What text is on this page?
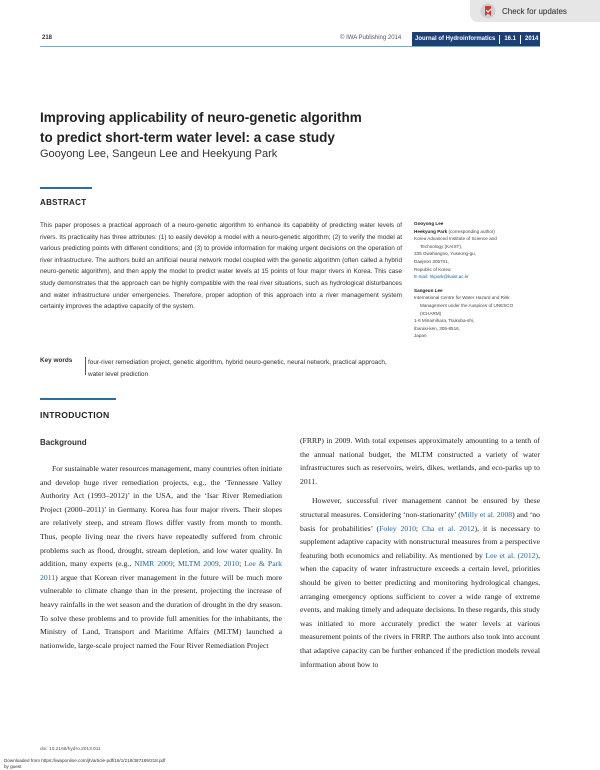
218	© IWA Publishing 2014 Journal of Hydroinformatics 16.1 2014
Check for updates
Improving applicability of neuro-genetic algorithm
to predict short-term water level: a case study
Gooyong Lee, Sangeun Lee and Heekyung Park
ABSTRACT
This paper proposes a practical approach of a neuro-genetic algorithm to enhance its capability of predicting water levels of rivers. Its practicality has three attributes: (1) to easily develop a model with a neuro-genetic algorithm; (2) to verify the model at various predicting points with different conditions; and (3) to provide information for making urgent decisions on the operation of river infrastructure. The authors build an artificial neural network model coupled with the genetic algorithm (often called a hybrid neuro-genetic algorithm), and then apply the model to predict water levels at 15 points of four major rivers in Korea. This case study demonstrates that the approach can be highly compatible with the real river situations, such as hydrological disturbances and water infrastructure under emergencies. Therefore, proper adoption of this approach into a river management system certainly improves the adaptive capacity of the system.
Key words four-river remediation project, genetic algorithm, hybrid neuro-genetic, neural network, practical approach, water level prediction
Gooyong Lee
Heekyung Park (corresponding author)
Korea Advanced Institute of Science and
Technology (KAIST),
335 Gwahangno, Yuseong-gu,
Daejeon 305701,
Republic of Korea
E-mail: hkpark@kaist.ac.kr
Sangeun Lee
International Centre for Water Hazard and Risk
Management under the Auspices of UNESCO
(ICHARM)
1-6 Minamihara, Tsukuba-shi,
Ibaraki-ken, 305-8516,
Japan
INTRODUCTION
Background

For sustainable water resources management, many countries often initiate and develop huge river remediation projects, e.g., the ‘Tennessee Valley Authority Act (1993–2012)’ in the USA, and the ‘Isar River Remediation Project (2000–2011)’ in Germany. Korea has four major rivers. Their slopes are relatively steep, and stream flows differ vastly from month to month. Thus, people living near the rivers have repeatedly suffered from chronic problems such as flood, drought, stream depletion, and low water quality. In addition, many experts (e.g., NIMR 2009; MLTM 2009, 2010; Lee & Park 2011) argue that Korean river management in the future will be much more vulnerable to climate change than in the present, projecting the increase of heavy rainfalls in the wet season and the duration of drought in the dry season. To solve these problems and to provide full amenities for the inhabitants, the Ministry of Land, Transport and Maritime Affairs (MLTM) launched a nationwide, large-scale project named the Four River Remediation Project

(FRRP) in 2009. With total expenses approximately amounting to a tenth of the annual national budget, the MLTM constructed a variety of water infrastructures such as reservoirs, weirs, dikes, wetlands, and eco-parks up to 2011.

However, successful river management cannot be ensured by these structural measures. Considering ‘non-stationarity’ (Milly et al. 2008) and ‘no basis for probabilities’ (Foley 2010; Cha et al. 2012), it is necessary to supplement adaptive capacity with nonstructural measures from a perspective featuring both economics and reliability. As mentioned by Lee et al. (2012), when the capacity of water infrastructure exceeds a certain level, priorities should be given to better predicting and monitoring hydrological changes, arranging emergency options sufficient to cover a wide range of extreme events, and making timely and adequate decisions. In these regards, this study was initiated to more accurately predict the water levels at various measurement points of the rivers in FRRP. The authors also took into account that adaptive capacity can be further enhanced if the prediction models reveal information about how to

doi: 10.2166/hydro.2013.011
Downloaded from https://iwaponline.com/jh/article-pdf/16/1/218/387189/218.pdf
by guest
